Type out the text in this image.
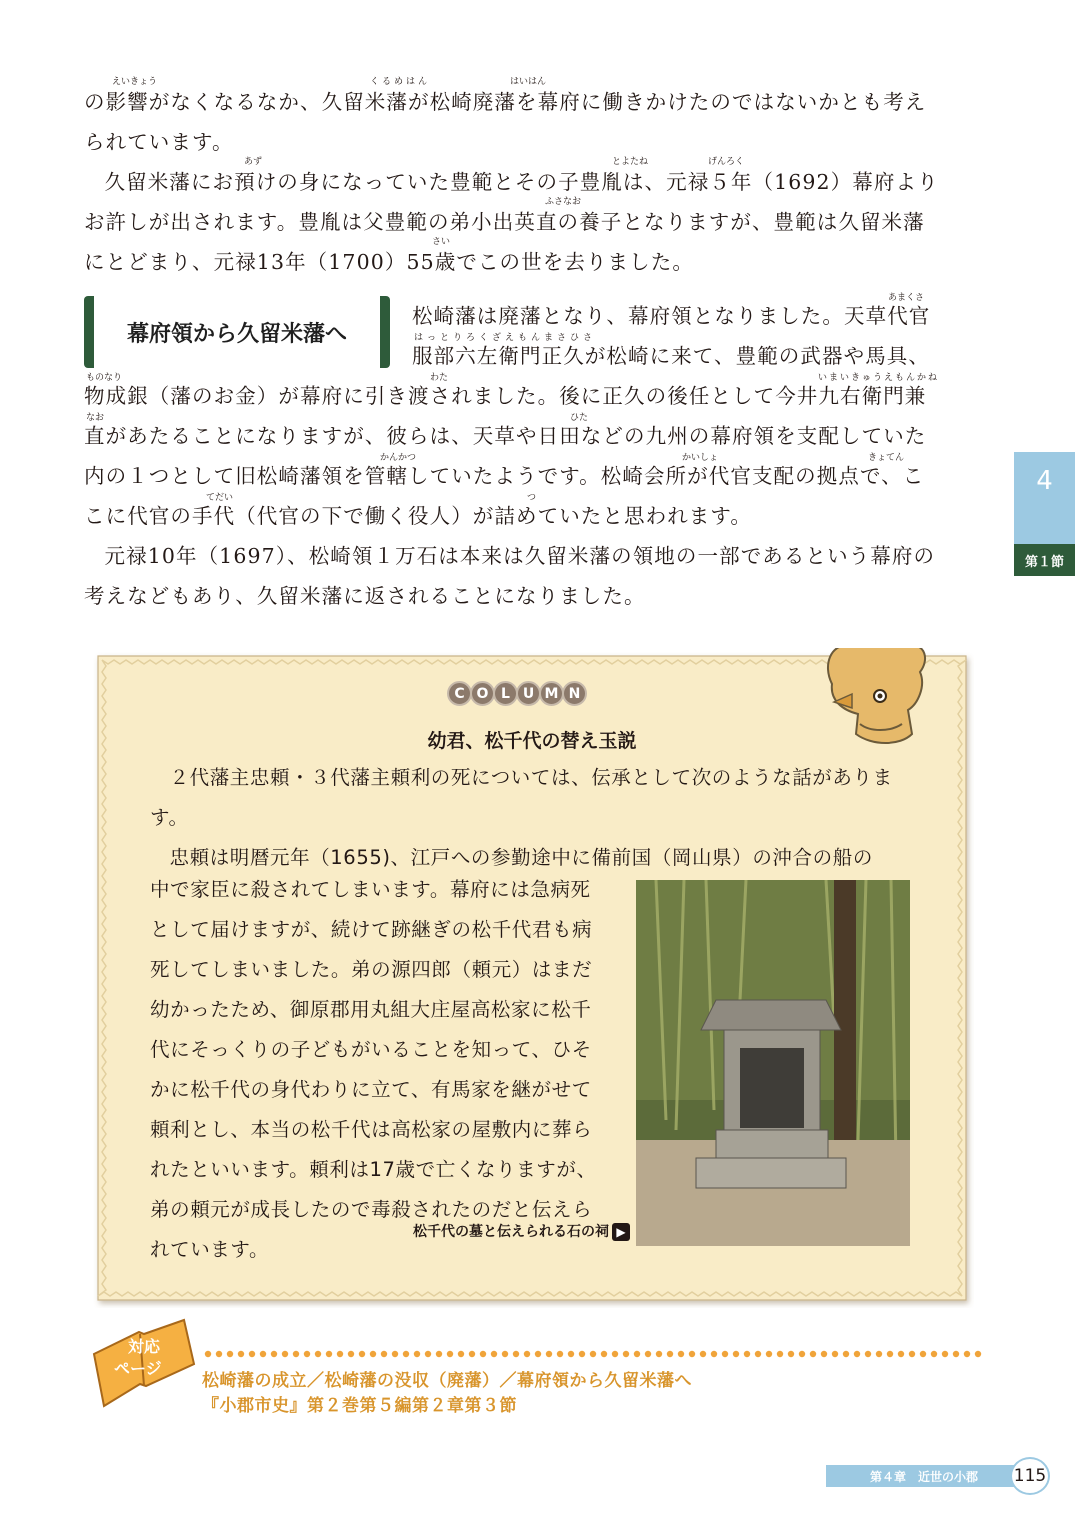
の影響がなくなるなか、久留米藩が松崎廃藩を幕府に働きかけたのではないかとも考え

られています。

久留米藩にお預けの身になっていた豊範とその子豊胤は、元禄５年（1692）幕府より

お許しが出されます。豊胤は父豊範の弟小出英直の養子となりますが、豊範は久留米藩

にとどまり、元禄13年（1700）55歳でこの世を去りました。

幕府領から久留米藩へ

松崎藩は廃藩となり、幕府領となりました。天草代官

服部六左衛門正久が松崎に来て、豊範の武器や馬具、

物成銀（藩のお金）が幕府に引き渡されました。後に正久の後任として今井九右衛門兼

直があたることになりますが、彼らは、天草や日田などの九州の幕府領を支配していた

内の１つとして旧松崎藩領を管轄していたようです。松崎会所が代官支配の拠点で、こ

こに代官の手代（代官の下で働く役人）が詰めていたと思われます。

元禄10年（1697）、松崎領１万石は本来は久留米藩の領地の一部であるという幕府の

考えなどもあり、久留米藩に返されることになりました。

えいきょう	くるめはん	はいはん
あず	とよたね	げんろく
ふさなお
さい
あまくさ
はっとりろくざえもんまさひさ
ものなり	わた	いまいきゅうえもんかね
なお	ひた
かんかつ	かいしょ	きょてん
てだい	つ
4
第１節
C O L U M N
幼君、松千代の替え玉説

２代藩主忠頼・３代藩主頼利の死については、伝承として次のような話がありま

す。

忠頼は明暦元年（1655)、江戸への参勤途中に備前国（岡山県）の沖合の船の

中で家臣に殺されてしまいます。幕府には急病死

として届けますが、続けて跡継ぎの松千代君も病

死してしまいました。弟の源四郎（頼元）はまだ

幼かったため、御原郡用丸組大庄屋高松家に松千

代にそっくりの子どもがいることを知って、ひそ

かに松千代の身代わりに立て、有馬家を継がせて

頼利とし、本当の松千代は高松家の屋敷内に葬ら

れたといいます。頼利は17歳で亡くなりますが、

弟の頼元が成長したので毒殺されたのだと伝えら

れています。

松千代の墓と伝えられる石の祠 ▶
対応
ページ
松崎藩の成立／松崎藩の没収（廃藩）／幕府領から久留米藩へ
『小郡市史』第２巻第５編第２章第３節
第４章　近世の小郡	115
